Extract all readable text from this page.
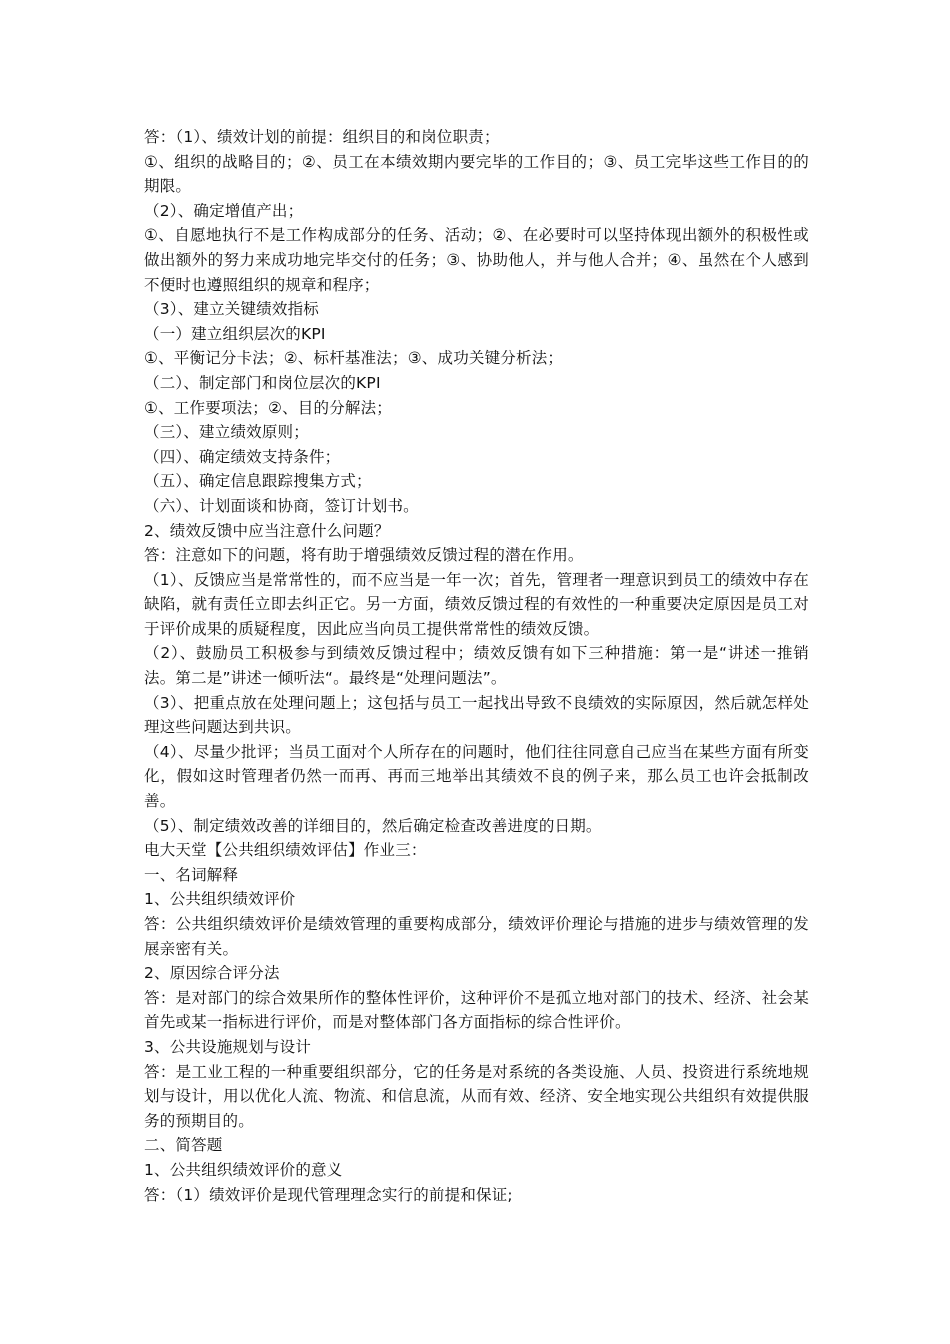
答：（1）、绩效计划的前提：组织目的和岗位职责；

①、组织的战略目的；②、员工在本绩效期内要完毕的工作目的；③、员工完毕这些工作目的的期限。

（2）、确定增值产出；

①、自愿地执行不是工作构成部分的任务、活动；②、在必要时可以坚持体现出额外的积极性或做出额外的努力来成功地完毕交付的任务；③、协助他人，并与他人合并；④、虽然在个人感到不便时也遵照组织的规章和程序；

（3）、建立关键绩效指标

（一）建立组织层次的KPI

①、平衡记分卡法；②、标杆基准法；③、成功关键分析法；

（二）、制定部门和岗位层次的KPI

①、工作要项法；②、目的分解法；

（三）、建立绩效原则；

（四）、确定绩效支持条件；

（五）、确定信息跟踪搜集方式；

（六）、计划面谈和协商，签订计划书。

2、绩效反馈中应当注意什么问题？

答：注意如下的问题，将有助于增强绩效反馈过程的潜在作用。

（1）、反馈应当是常常性的，而不应当是一年一次；首先，管理者一理意识到员工的绩效中存在缺陷，就有责任立即去纠正它。另一方面，绩效反馈过程的有效性的一种重要决定原因是员工对于评价成果的质疑程度，因此应当向员工提供常常性的绩效反馈。

（2）、鼓励员工积极参与到绩效反馈过程中；绩效反馈有如下三种措施：第一是“讲述一推销法。第二是”讲述一倾听法“。最终是“处理问题法”。

（3）、把重点放在处理问题上；这包括与员工一起找出导致不良绩效的实际原因，然后就怎样处理这些问题达到共识。

（4）、尽量少批评；当员工面对个人所存在的问题时，他们往往同意自己应当在某些方面有所变化，假如这时管理者仍然一而再、再而三地举出其绩效不良的例子来，那么员工也许会抵制改善。

（5）、制定绩效改善的详细目的，然后确定检查改善进度的日期。

电大天堂【公共组织绩效评估】作业三：

一、名词解释

1、公共组织绩效评价

答：公共组织绩效评价是绩效管理的重要构成部分，绩效评价理论与措施的进步与绩效管理的发展亲密有关。

2、原因综合评分法

答：是对部门的综合效果所作的整体性评价，这种评价不是孤立地对部门的技术、经济、社会某首先或某一指标进行评价，而是对整体部门各方面指标的综合性评价。

3、公共设施规划与设计

答：是工业工程的一种重要组织部分，它的任务是对系统的各类设施、人员、投资进行系统地规划与设计，用以优化人流、物流、和信息流，从而有效、经济、安全地实现公共组织有效提供服务的预期目的。

二、简答题

1、公共组织绩效评价的意义

答：（1）绩效评价是现代管理理念实行的前提和保证;
